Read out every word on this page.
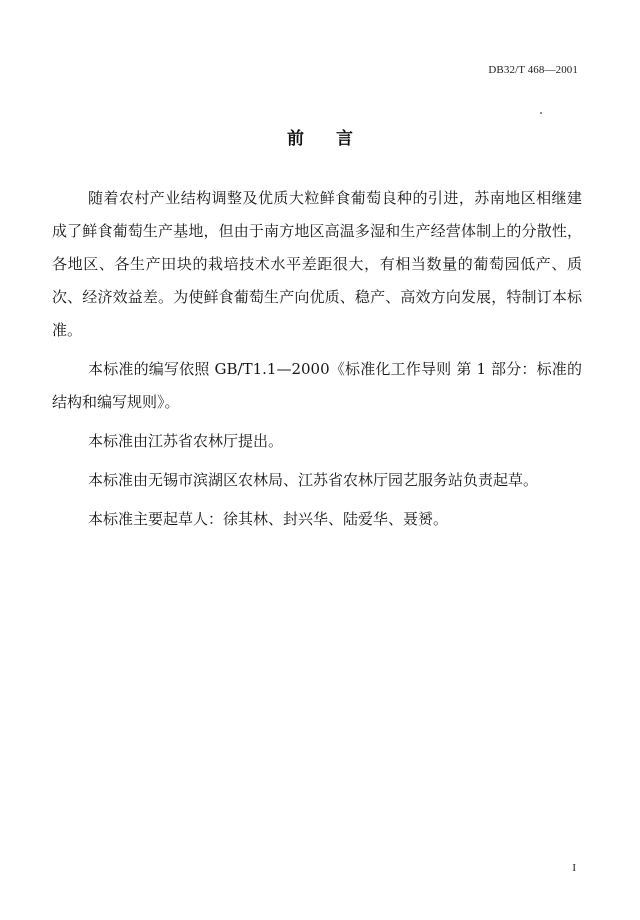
DB32/T 468—2001
前言

随着农村产业结构调整及优质大粒鲜食葡萄良种的引进，苏南地区相继建成了鲜食葡萄生产基地，但由于南方地区高温多湿和生产经营体制上的分散性，各地区、各生产田块的栽培技术水平差距很大，有相当数量的葡萄园低产、质次、经济效益差。为使鲜食葡萄生产向优质、稳产、高效方向发展，特制订本标准。

本标准的编写依照 GB/T1.1—2000《标准化工作导则 第 1 部分：标准的结构和编写规则》。

本标准由江苏省农林厅提出。

本标准由无锡市滨湖区农林局、江苏省农林厅园艺服务站负责起草。

本标准主要起草人：徐其林、封兴华、陆爱华、聂赟。

I
